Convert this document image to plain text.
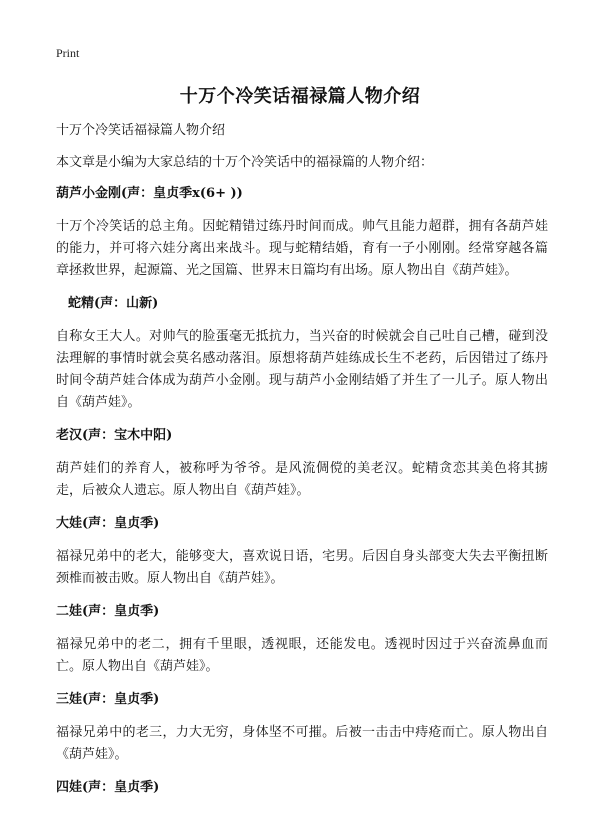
Print
十万个冷笑话福禄篇人物介绍

十万个冷笑话福禄篇人物介绍

本文章是小编为大家总结的十万个冷笑话中的福禄篇的人物介绍：

葫芦小金刚(声：皇贞季x(6+ ))

十万个冷笑话的总主角。因蛇精错过练丹时间而成。帅气且能力超群，拥有各葫芦娃的能力，并可将六娃分离出来战斗。现与蛇精结婚，育有一子小刚刚。经常穿越各篇章拯救世界，起源篇、光之国篇、世界末日篇均有出场。原人物出自《葫芦娃》。

蛇精(声：山新)

自称女王大人。对帅气的脸蛋毫无抵抗力，当兴奋的时候就会自己吐自己槽，碰到没法理解的事情时就会莫名感动落泪。原想将葫芦娃练成长生不老药，后因错过了练丹时间令葫芦娃合体成为葫芦小金刚。现与葫芦小金刚结婚了并生了一儿子。原人物出自《葫芦娃》。

老汉(声：宝木中阳)

葫芦娃们的养育人，被称呼为爷爷。是风流倜傥的美老汉。蛇精贪恋其美色将其掳走，后被众人遗忘。原人物出自《葫芦娃》。

大娃(声：皇贞季)

福禄兄弟中的老大，能够变大，喜欢说日语，宅男。后因自身头部变大失去平衡扭断颈椎而被击败。原人物出自《葫芦娃》。

二娃(声：皇贞季)

福禄兄弟中的老二，拥有千里眼，透视眼，还能发电。透视时因过于兴奋流鼻血而亡。原人物出自《葫芦娃》。

三娃(声：皇贞季)

福禄兄弟中的老三，力大无穷，身体坚不可摧。后被一击击中痔疮而亡。原人物出自《葫芦娃》。

四娃(声：皇贞季)
